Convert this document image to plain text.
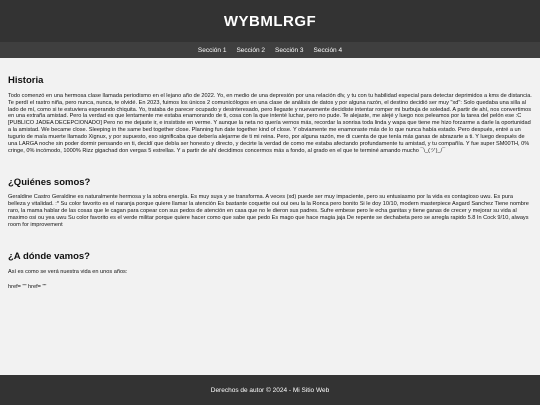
WYBMLRGF
Sección 1 Sección 2 Sección 3 Sección 4
Historia

Todo comenzó en una hermosa clase llamada periodismo en el lejano año de 2022. Yo, en medio de una depresión por una relación dlv, y tu con tu habilidad especial para detectar deprimidos a kms de distancia. Te perdí el rastro niña, pero nunca, nunca, te olvidé. En 2023, fuimos los únicos 2 comunicólogos en una clase de análisis de datos y por alguna razón, el destino decidió ser muy "xd": Solo quedaba una silla al lado de mí, como si te estuviera esperando chiquita. Yo, trataba de parecer ocupado y desinteresado, pero llegaste y nuevamente decidiste intentar romper mi burbuja de soledad. A partir de ahí, nos convertimos en una extraña amistad. Pero la verdad es que lentamente me estaba enamorando de ti, cosa con la que intenté luchar, pero no pude. Te alejaste, me alejé y luego nos peleamos por la tarea del pelón ese :C [PUBLICO JADEA DECEPCIONADO] Pero no me dejaste ir, e insististe en verme. Y aunque la neta no quería vernos más, recordar la sonrisa toda linda y wapa que tiene me hizo forzarme a darle la oportunidad a la amistad. We became close. Sleeping in the same bed together close. Planning fun date together kind of close. Y obviamente me enamoraste más de lo que nunca había estado. Pero después, entré a un tugurio de maía muerte llamado Xignux, y por supuesto, eso significaba que debería alejarme de ti mi reina. Pero, por alguna razón, me di cuenta de que tenía más ganas de abrazarte a ti. Y luego después de una LARGA noche sin poder dormir pensando en ti, decidí que debía ser honesto y directo, y decirte la verdad de como me estaba afectando profundamente tu amistad, y tu compañía. Y fue super SM00TH, 0% cringe, 0% incómodo, 1000% Rizz gigachad don vergas 5 estrellas. Y a partir de ahí decidimos concermos más a fondo, al grado en el que te terminé amando mucho ¯\_(ツ)_/¯

¿Quiénes somos?

Geraldine Castro Geraldine es naturalmente hermosa y la sobra energía. Es muy suya y se transforma. A veces (xd) puede ser muy impaciente, pero su entusiasmo por la vida es contagioso uwu. Es pura belleza y vitalidad. :* Su color favorito es el naranja porque quiere llamar la atención Es bastante coquette oui oui oeu la la Ronca pero bonito Si le doy 10/10, modern masterpiece Asgard Sanchez Tiene nombre raro, la mama hablar de las cosas que le cagan para copear con sus pedos de atención en casa que no le dieron sus padres. Sufre embese pero le echa ganitas y tiene ganas de crecer y mejorar su vida al maximo osi ou yea uwu Su color favorito es el verde militar porque quiere hacer como que sabe que pedo Es mago que hace magia jaja De repente se dechabeta pero se arregla rapido 5.8 In Cock 9/10, always room for improvement

¿A dónde vamos?

Así es como se verá nuestra vida en unos años:

href= "" href= ""
Derechos de autor © 2024 - Mi Sitio Web
